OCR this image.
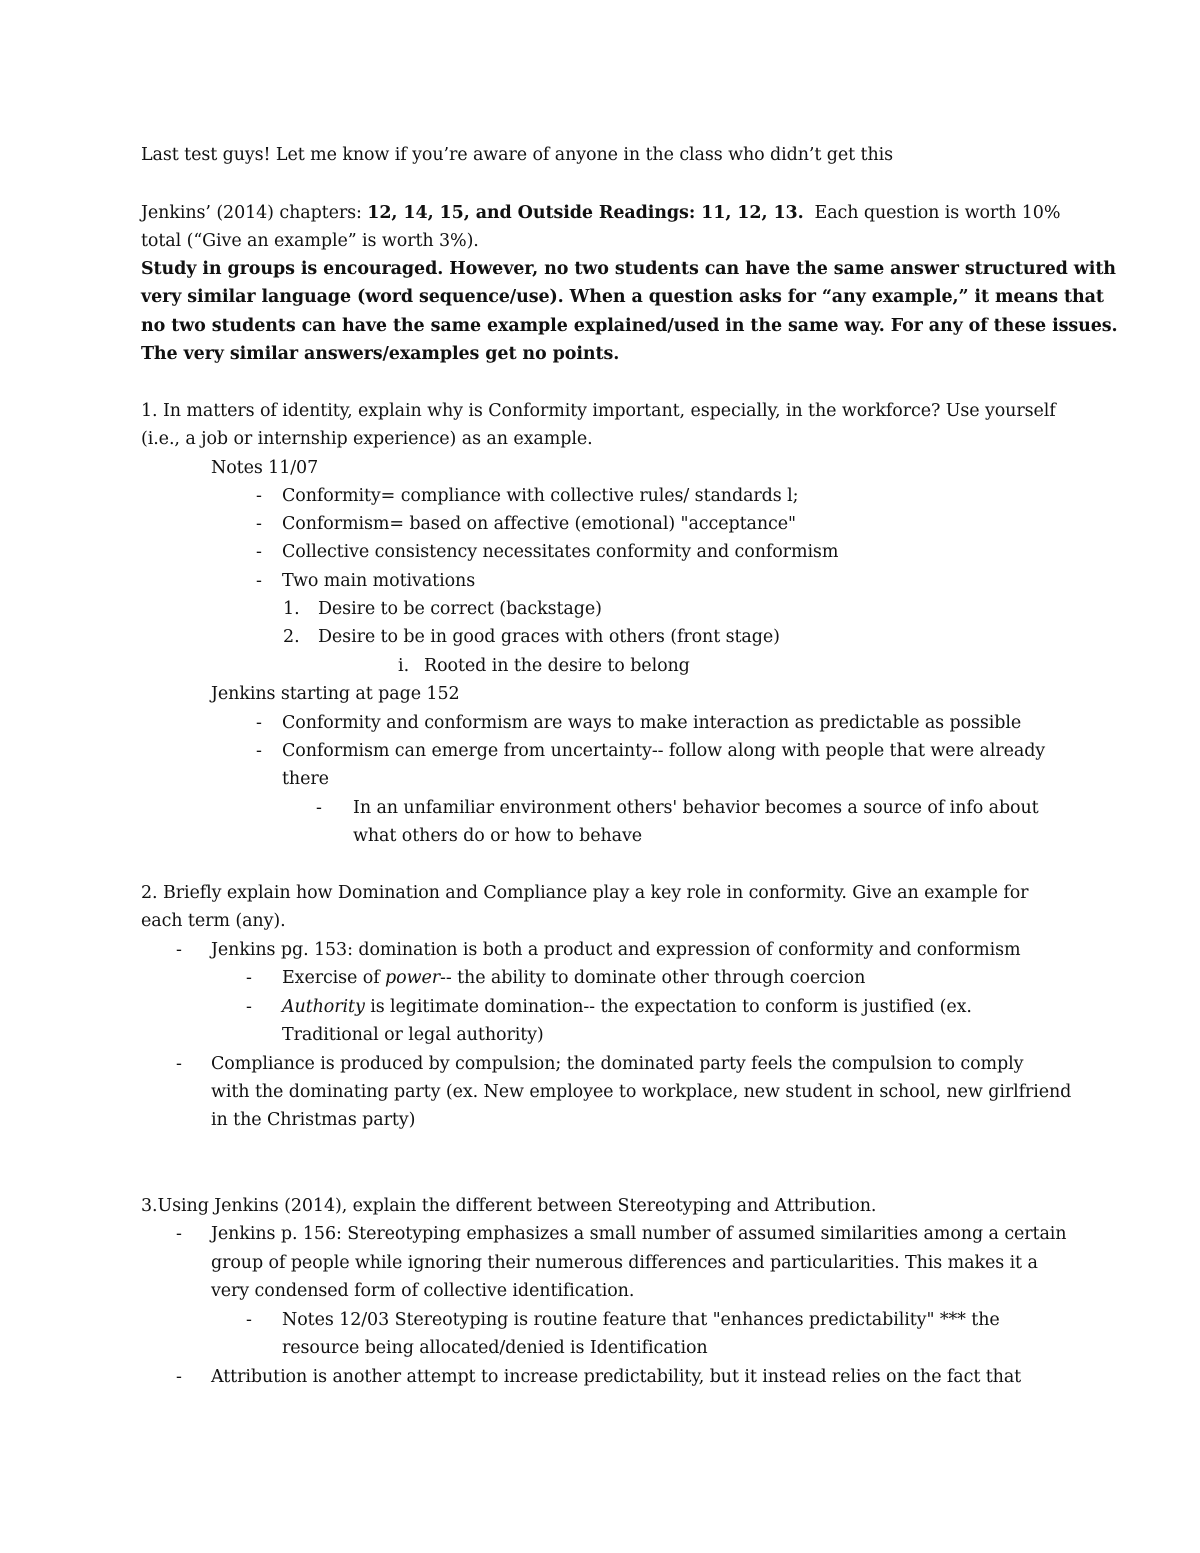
Last test guys! Let me know if you’re aware of anyone in the class who didn’t get this
Jenkins’ (2014) chapters: 12, 14, 15, and Outside Readings: 11, 12, 13.  Each question is worth 10%
total (“Give an example” is worth 3%).
Study in groups is encouraged. However, no two students can have the same answer structured with
very similar language (word sequence/use). When a question asks for “any example,” it means that
no two students can have the same example explained/used in the same way. For any of these issues.
The very similar answers/examples get no points.
1. In matters of identity, explain why is Conformity important, especially, in the workforce? Use yourself
(i.e., a job or internship experience) as an example.
Notes 11/07
- Conformity= compliance with collective rules/ standards l;
- Conformism= based on affective (emotional) "acceptance"
- Collective consistency necessitates conformity and conformism
- Two main motivations
1. Desire to be correct (backstage)
2. Desire to be in good graces with others (front stage)
i. Rooted in the desire to belong
Jenkins starting at page 152
- Conformity and conformism are ways to make interaction as predictable as possible
- Conformism can emerge from uncertainty-- follow along with people that were already
there
- In an unfamiliar environment others' behavior becomes a source of info about
what others do or how to behave
2. Briefly explain how Domination and Compliance play a key role in conformity. Give an example for
each term (any).
- Jenkins pg. 153: domination is both a product and expression of conformity and conformism
- Exercise of power-- the ability to dominate other through coercion
- Authority is legitimate domination-- the expectation to conform is justified (ex.
Traditional or legal authority)
- Compliance is produced by compulsion; the dominated party feels the compulsion to comply
with the dominating party (ex. New employee to workplace, new student in school, new girlfriend
in the Christmas party)
3.Using Jenkins (2014), explain the different between Stereotyping and Attribution.
- Jenkins p. 156: Stereotyping emphasizes a small number of assumed similarities among a certain
group of people while ignoring their numerous differences and particularities. This makes it a
very condensed form of collective identification.
- Notes 12/03 Stereotyping is routine feature that "enhances predictability" *** the
resource being allocated/denied is Identification
- Attribution is another attempt to increase predictability, but it instead relies on the fact that
